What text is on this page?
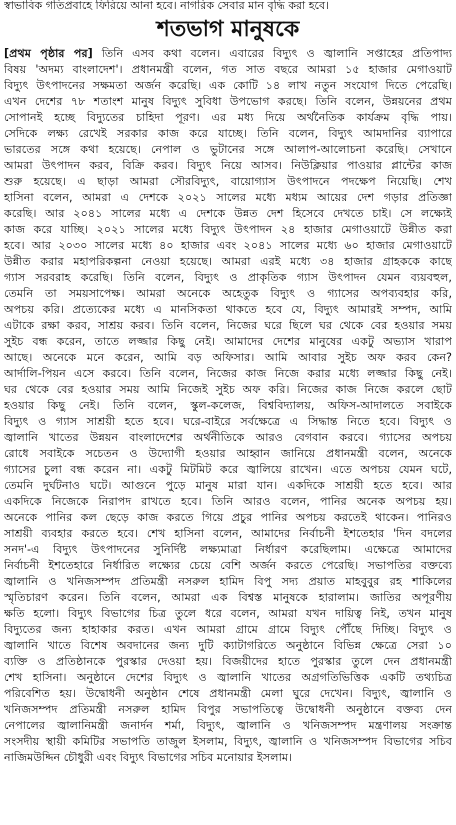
স্বাভাবিক গতিপ্রবাহে ফিরিয়ে আনা হবে। নাগরিক সেবার মান বৃদ্ধি করা হবে।
শতভাগ মানুষকে
[প্রথম পৃষ্ঠার পর] তিনি এসব কথা বলেন। এবারের বিদ্যুৎ ও জ্বালানি সপ্তাহের প্রতিপাদ্য
বিষয় 'অদম্য বাংলাদেশ'। প্রধানমন্ত্রী বলেন, গত সাত বছরে আমরা ১৫ হাজার মেগাওয়াট
বিদ্যুৎ উৎপাদনের সক্ষমতা অর্জন করেছি। এক কোটি ১৪ লাখ নতুন সংযোগ দিতে পেরেছি।
এখন দেশের ৭৮ শতাংশ মানুষ বিদ্যুৎ সুবিধা উপভোগ করছে। তিনি বলেন, উন্নয়নের প্রথম
সোপানই হচ্ছে বিদ্যুতের চাহিদা পূরণ। এর মধ্য দিয়ে অর্থনৈতিক কার্যক্রম বৃদ্ধি পায়।
সেদিকে লক্ষ্য রেখেই সরকার কাজ করে যাচ্ছে। তিনি বলেন, বিদ্যুৎ আমদানির ব্যাপারে
ভারতের সঙ্গে কথা হয়েছে। নেপাল ও ভুটানের সঙ্গে আলাপ-আলোচনা করেছি। সেখানে
আমরা উৎপাদন করব, বিক্রি করব। বিদ্যুৎ নিয়ে আসব। নিউক্লিয়ার পাওয়ার প্লান্টের কাজ
শুরু হয়েছে। এ ছাড়া আমরা সৌরবিদ্যুৎ, বায়োগ্যাস উৎপাদনে পদক্ষেপ নিয়েছি। শেখ
হাসিনা বলেন, আমরা এ দেশকে ২০২১ সালের মধ্যে মধ্যম আয়ের দেশ গড়ার প্রতিজ্ঞা
করেছি। আর ২০৪১ সালের মধ্যে এ দেশকে উন্নত দেশ হিসেবে দেখতে চাই। সে লক্ষ্যেই
কাজ করে যাচ্ছি। ২০২১ সালের মধ্যে বিদ্যুৎ উৎপাদন ২৪ হাজার মেগাওয়াটে উন্নীত করা
হবে। আর ২০৩০ সালের মধ্যে ৪০ হাজার এবং ২০৪১ সালের মধ্যে ৬০ হাজার মেগাওয়াটে
উন্নীত করার মহাপরিকল্পনা নেওয়া হয়েছে। আমরা এরই মধ্যে ৩৪ হাজার গ্রাহককে কাছে
গ্যাস সরবরাহ করেছি। তিনি বলেন, বিদ্যুৎ ও প্রাকৃতিক গ্যাস উৎপাদন যেমন ব্যয়বহুল,
তেমনি তা সময়সাপেক্ষ। আমরা অনেকে অহেতুক বিদ্যুৎ ও গ্যাসের অপব্যবহার করি,
অপচয় করি। প্রত্যেকের মধ্যে এ মানসিকতা থাকতে হবে যে, বিদ্যুৎ আমারই সম্পদ, আমি
এটাকে রক্ষা করব, সাশ্রয় করব। তিনি বলেন, নিজের ঘরে ছিলে ঘর থেকে বের হওয়ার সময়
সুইচ বন্ধ করেন, তাতে লজ্জার কিছু নেই। আমাদের দেশের মানুষের একটু অভ্যাস খারাপ
আছে। অনেকে মনে করেন, আমি বড় অফিসার। আমি আবার সুইচ অফ করব কেন?
আর্দালি-পিয়ন এসে করবে। তিনি বলেন, নিজের কাজ নিজে করার মধ্যে লজ্জার কিছু নেই।
ঘর থেকে বের হওয়ার সময় আমি নিজেই সুইচ অফ করি। নিজের কাজ নিজে করলে ছোট
হওয়ার কিছু নেই। তিনি বলেন, স্কুল-কলেজ, বিশ্ববিদ্যালয়, অফিস-আদালতে সবাইকে
বিদ্যুৎ ও গ্যাস সাশ্রয়ী হতে হবে। ঘরে-বাইরে সর্বক্ষেত্রে এ সিদ্ধান্ত নিতে হবে। বিদ্যুৎ ও
জ্বালানি খাতের উন্নয়ন বাংলাদেশের অর্থনীতিকে আরও বেগবান করবে। গ্যাসের অপচয়
রোধে সবাইকে সচেতন ও উদ্যোগী হওয়ার আহ্বান জানিয়ে প্রধানমন্ত্রী বলেন, অনেকে
গ্যাসের চুলা বন্ধ করেন না। একটু মিটমিট করে জ্বালিয়ে রাখেন। এতে অপচয় যেমন ঘটে,
তেমনি দুর্ঘটনাও ঘটে। আগুনে পুড়ে মানুষ মারা যান। একদিকে সাশ্রয়ী হতে হবে। আর
একদিকে নিজেকে নিরাপদ রাখতে হবে। তিনি আরও বলেন, পানির অনেক অপচয় হয়।
অনেকে পানির কল ছেড়ে কাজ করতে গিয়ে প্রচুর পানির অপচয় করতেই থাকেন। পানিরও
সাশ্রয়ী ব্যবহার করতে হবে। শেখ হাসিনা বলেন, আমাদের নির্বাচনী ইশতেহার 'দিন বদলের
সনদ'-এ বিদ্যুৎ উৎপাদনের সুনির্দিষ্ট লক্ষ্যমাত্রা নির্ধারণ করেছিলাম। এক্ষেত্রে আমাদের
নির্বাচনী ইশতেহারে নির্ধারিত লক্ষ্যের চেয়ে বেশি অর্জন করতে পেরেছি। সভাপতির বক্তব্যে
জ্বালানি ও খনিজসম্পদ প্রতিমন্ত্রী নসরুল হামিদ বিপু সদ্য প্রয়াত মাহবুবুর রহ শাকিলের
স্মৃতিচারণ করেন। তিনি বলেন, আমরা এক বিশ্বস্ত মানুষকে হারালাম। জাতির অপূরণীয়
ক্ষতি হলো। বিদ্যুৎ বিভাগের চিত্র তুলে ধরে বলেন, আমরা যখন দায়িত্ব নিই, তখন মানুষ
বিদ্যুতের জন্য হাহাকার করত। এখন আমরা গ্রামে গ্রামে বিদ্যুৎ পৌঁছে দিচ্ছি। বিদ্যুৎ ও
জ্বালানি খাতে বিশেষ অবদানের জন্য দুটি ক্যাটাগরিতে অনুষ্ঠানে বিভিন্ন ক্ষেত্রে সেরা ১০
ব্যক্তি ও প্রতিষ্ঠানকে পুরস্কার দেওয়া হয়। বিজয়ীদের হাতে পুরস্কার তুলে দেন প্রধানমন্ত্রী
শেখ হাসিনা। অনুষ্ঠানে দেশের বিদ্যুৎ ও জ্বালানি খাতের অগ্রগতিভিত্তিক একটি তথ্যচিত্র
পরিবেশিত হয়। উদ্বোধনী অনুষ্ঠান শেষে প্রধানমন্ত্রী মেলা ঘুরে দেখেন। বিদ্যুৎ, জ্বালানি ও
খনিজসম্পদ প্রতিমন্ত্রী নসরুল হামিদ বিপুর সভাপতিত্বে উদ্বোধনী অনুষ্ঠানে বক্তব্য দেন
নেপালের জ্বালানিমন্ত্রী জনার্দন শর্মা, বিদ্যুৎ, জ্বালানি ও খনিজসম্পদ মন্ত্রণালয় সংক্রান্ত
সংসদীয় স্থায়ী কমিটির সভাপতি তাজুল ইসলাম, বিদ্যুৎ, জ্বালানি ও খনিজসম্পদ বিভাগের সচিব
নাজিমউদ্দিন চৌধুরী এবং বিদ্যুৎ বিভাগের সচিব মনোয়ার ইসলাম।
